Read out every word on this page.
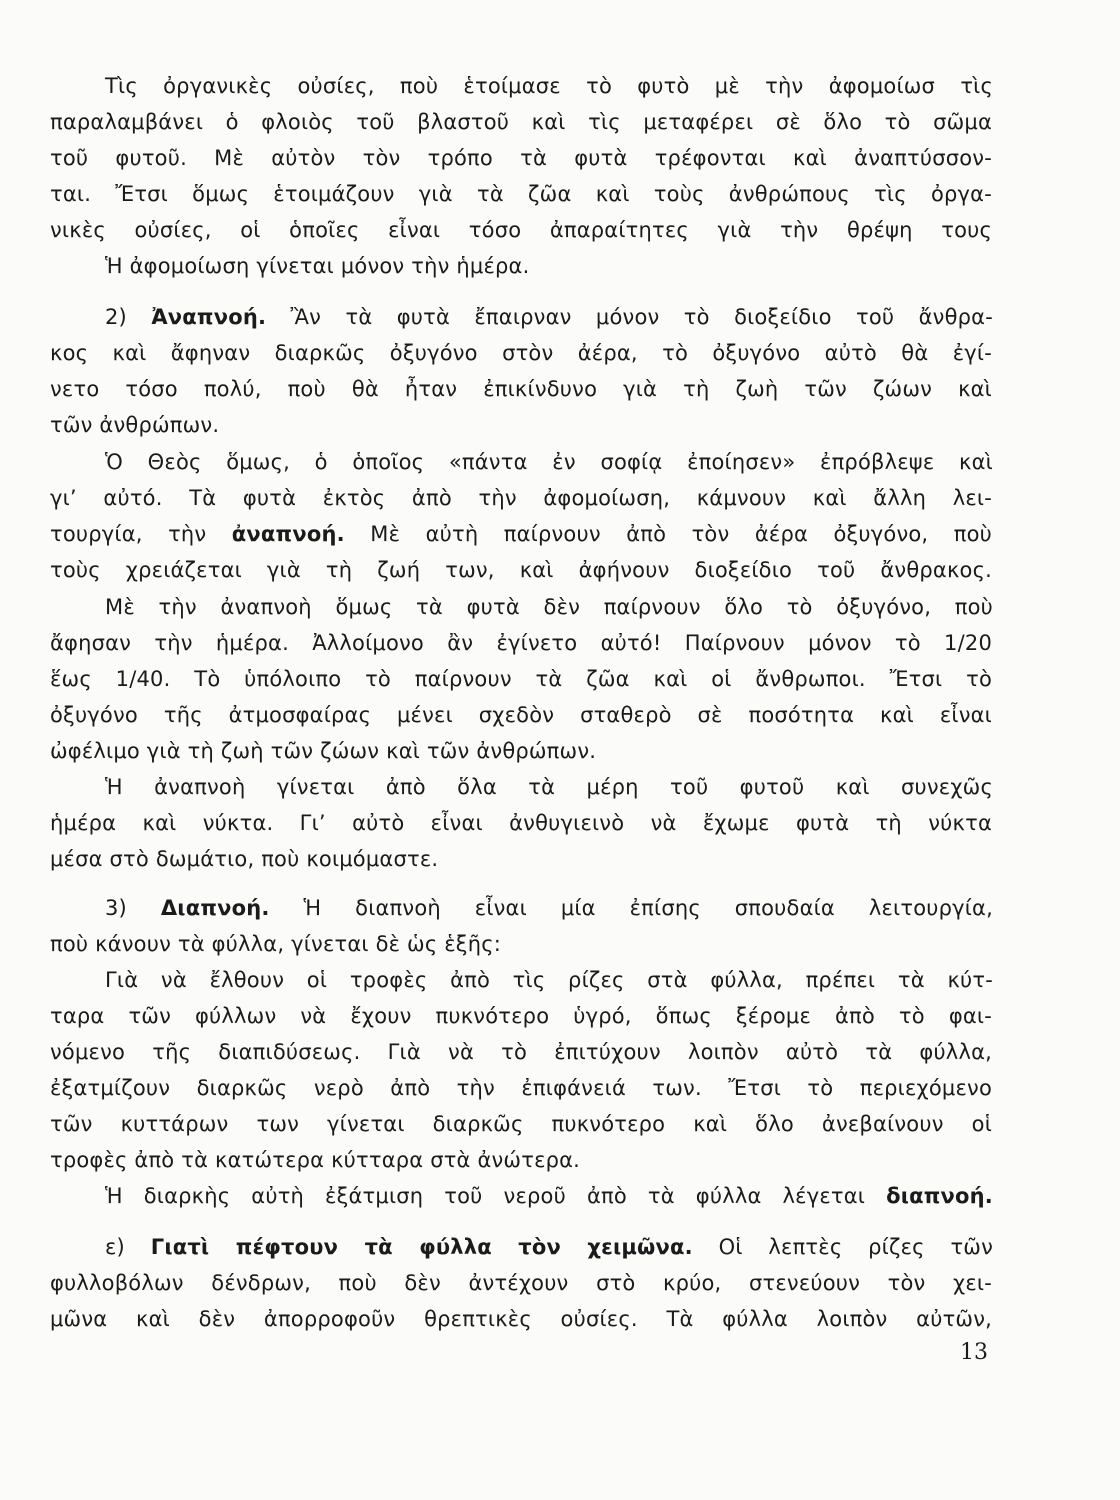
Τὶς ὀργανικὲς οὐσίες, ποὺ ἑτοίμασε τὸ φυτὸ μὲ τὴν ἀφομοίωσ τὶς
παραλαμβάνει ὁ φλοιὸς τοῦ βλαστοῦ καὶ τὶς μεταφέρει σὲ ὅλο τὸ σῶμα
τοῦ φυτοῦ. Μὲ αὐτὸν τὸν τρόπο τὰ φυτὰ τρέφονται καὶ ἀναπτύσσον-
ται. Ἔτσι ὅμως ἑτοιμάζουν γιὰ τὰ ζῶα καὶ τοὺς ἀνθρώπους τὶς ὀργα-
νικὲς οὐσίες, οἱ ὁποῖες εἶναι τόσο ἀπαραίτητες γιὰ τὴν θρέψη τους
Ἡ ἀφομοίωση γίνεται μόνον τὴν ἡμέρα.
2) Ἀναπνοή. Ἂν τὰ φυτὰ ἔπαιρναν μόνον τὸ διοξείδιο τοῦ ἄνθρα-
κος καὶ ἄφηναν διαρκῶς ὀξυγόνο στὸν ἀέρα, τὸ ὀξυγόνο αὐτὸ θὰ ἐγί-
νετο τόσο πολύ, ποὺ θὰ ἦταν ἐπικίνδυνο γιὰ τὴ ζωὴ τῶν ζώων καὶ
τῶν ἀνθρώπων.
Ὁ Θεὸς ὅμως, ὁ ὁποῖος «πάντα ἐν σοφίᾳ ἐποίησεν» ἐπρόβλεψε καὶ
γι’ αὐτό. Τὰ φυτὰ ἐκτὸς ἀπὸ τὴν ἀφομοίωση, κάμνουν καὶ ἄλλη λει-
τουργία, τὴν ἀναπνοή. Μὲ αὐτὴ παίρνουν ἀπὸ τὸν ἀέρα ὀξυγόνο, ποὺ
τοὺς χρειάζεται γιὰ τὴ ζωή των, καὶ ἀφήνουν διοξείδιο τοῦ ἄνθρακος.
Μὲ τὴν ἀναπνοὴ ὅμως τὰ φυτὰ δὲν παίρνουν ὅλο τὸ ὀξυγόνο, ποὺ
ἄφησαν τὴν ἡμέρα. Ἀλλοίμονο ἂν ἐγίνετο αὐτό! Παίρνουν μόνον τὸ 1/20
ἕως 1/40. Τὸ ὑπόλοιπο τὸ παίρνουν τὰ ζῶα καὶ οἱ ἄνθρωποι. Ἔτσι τὸ
ὀξυγόνο τῆς ἀτμοσφαίρας μένει σχεδὸν σταθερὸ σὲ ποσότητα καὶ εἶναι
ὠφέλιμο γιὰ τὴ ζωὴ τῶν ζώων καὶ τῶν ἀνθρώπων.
Ἡ ἀναπνοὴ γίνεται ἀπὸ ὅλα τὰ μέρη τοῦ φυτοῦ καὶ συνεχῶς
ἡμέρα καὶ νύκτα. Γι’ αὐτὸ εἶναι ἀνθυγιεινὸ νὰ ἔχωμε φυτὰ τὴ νύκτα
μέσα στὸ δωμάτιο, ποὺ κοιμόμαστε.
3) Διαπνοή. Ἡ διαπνοὴ εἶναι μία ἐπίσης σπουδαία λειτουργία,
ποὺ κάνουν τὰ φύλλα, γίνεται δὲ ὡς ἑξῆς:
Γιὰ νὰ ἔλθουν οἱ τροφὲς ἀπὸ τὶς ρίζες στὰ φύλλα, πρέπει τὰ κύτ-
ταρα τῶν φύλλων νὰ ἔχουν πυκνότερο ὑγρό, ὅπως ξέρομε ἀπὸ τὸ φαι-
νόμενο τῆς διαπιδύσεως. Γιὰ νὰ τὸ ἐπιτύχουν λοιπὸν αὐτὸ τὰ φύλλα,
ἐξατμίζουν διαρκῶς νερὸ ἀπὸ τὴν ἐπιφάνειά των. Ἔτσι τὸ περιεχόμενο
τῶν κυττάρων των γίνεται διαρκῶς πυκνότερο καὶ ὅλο ἀνεβαίνουν οἱ
τροφὲς ἀπὸ τὰ κατώτερα κύτταρα στὰ ἀνώτερα.
Ἡ διαρκὴς αὐτὴ ἐξάτμιση τοῦ νεροῦ ἀπὸ τὰ φύλλα λέγεται διαπνοή.
ε) Γιατὶ πέφτουν τὰ φύλλα τὸν χειμῶνα. Οἱ λεπτὲς ρίζες τῶν
φυλλοβόλων δένδρων, ποὺ δὲν ἀντέχουν στὸ κρύο, στενεύουν τὸν χει-
μῶνα καὶ δὲν ἀπορροφοῦν θρεπτικὲς οὐσίες. Τὰ φύλλα λοιπὸν αὐτῶν,
13
